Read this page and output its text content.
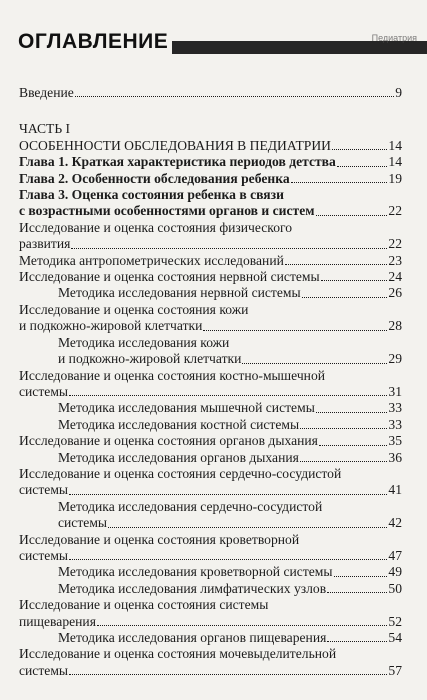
ОГЛАВЛЕНИЕ	Педиатрия
Введение	9
ЧАСТЬ I
ОСОБЕННОСТИ ОБСЛЕДОВАНИЯ В ПЕДИАТРИИ	14
Глава 1. Краткая характеристика периодов детства	14
Глава 2. Особенности обследования ребенка	19
Глава 3. Оценка состояния ребенка в связи
с возрастными особенностями органов и систем	22
Исследование и оценка состояния физического
развития	22
Методика антропометрических исследований	23
Исследование и оценка состояния нервной системы	24
Методика исследования нервной системы	26
Исследование и оценка состояния кожи
и подкожно-жировой клетчатки	28
Методика исследования кожи
и подкожно-жировой клетчатки	29
Исследование и оценка состояния костно-мышечной
системы	31
Методика исследования мышечной системы	33
Методика исследования костной системы	33
Исследование и оценка состояния органов дыхания	35
Методика исследования органов дыхания	36
Исследование и оценка состояния сердечно-сосудистой
системы	41
Методика исследования сердечно-сосудистой
системы	42
Исследование и оценка состояния кроветворной
системы	47
Методика исследования кроветворной системы	49
Методика исследования лимфатических узлов	50
Исследование и оценка состояния системы
пищеварения	52
Методика исследования органов пищеварения	54
Исследование и оценка состояния мочевыделительной
системы	57
